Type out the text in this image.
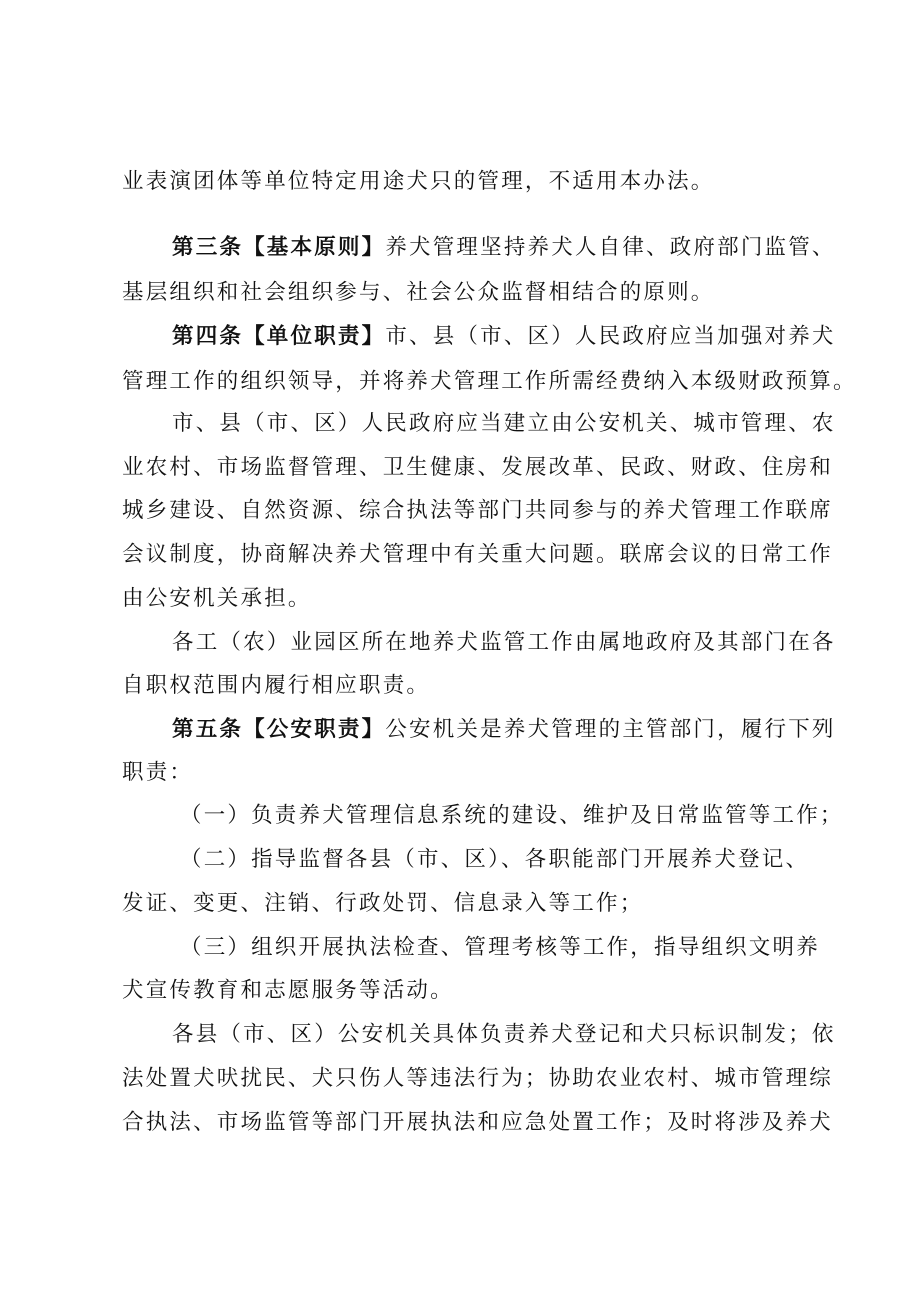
业表演团体等单位特定用途犬只的管理，不适用本办法。
第三条【基本原则】养犬管理坚持养犬人自律、政府部门监管、
基层组织和社会组织参与、社会公众监督相结合的原则。
第四条【单位职责】市、县（市、区）人民政府应当加强对养犬
管理工作的组织领导，并将养犬管理工作所需经费纳入本级财政预算。
市、县（市、区）人民政府应当建立由公安机关、城市管理、农
业农村、市场监督管理、卫生健康、发展改革、民政、财政、住房和
城乡建设、自然资源、综合执法等部门共同参与的养犬管理工作联席
会议制度，协商解决养犬管理中有关重大问题。联席会议的日常工作
由公安机关承担。
各工（农）业园区所在地养犬监管工作由属地政府及其部门在各
自职权范围内履行相应职责。
第五条【公安职责】公安机关是养犬管理的主管部门，履行下列
职责：
（一）负责养犬管理信息系统的建设、维护及日常监管等工作；
（二）指导监督各县（市、区）、各职能部门开展养犬登记、
发证、变更、注销、行政处罚、信息录入等工作；
（三）组织开展执法检查、管理考核等工作，指导组织文明养
犬宣传教育和志愿服务等活动。
各县（市、区）公安机关具体负责养犬登记和犬只标识制发；依
法处置犬吠扰民、犬只伤人等违法行为；协助农业农村、城市管理综
合执法、市场监管等部门开展执法和应急处置工作；及时将涉及养犬
